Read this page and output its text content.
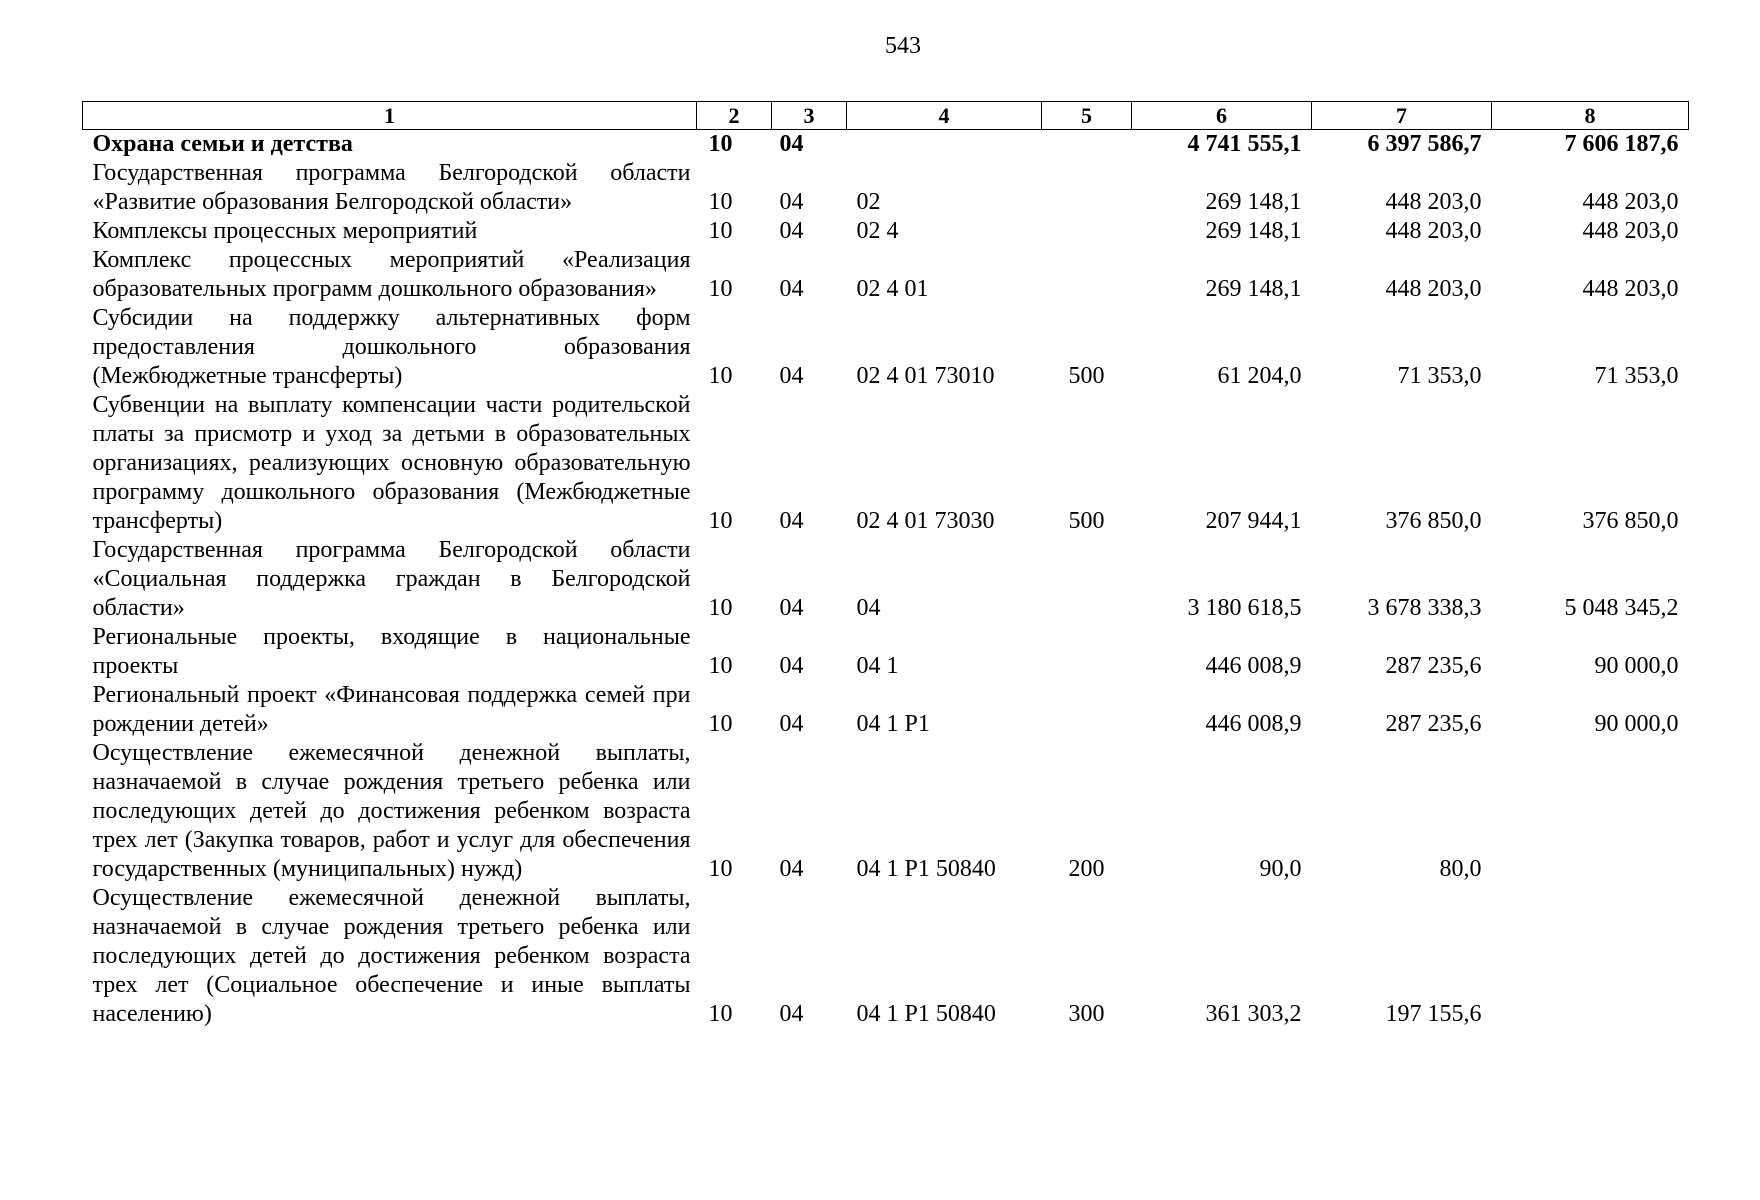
543
1	2	3	4	5	6	7	8
Охрана семьи и детства	10	04			4 741 555,1	6 397 586,7	7 606 187,6
Государственная программа Белгородской области «Развитие образования Белгородской области»	10	04	02		269 148,1	448 203,0	448 203,0
Комплексы процессных мероприятий	10	04	02 4		269 148,1	448 203,0	448 203,0
Комплекс процессных мероприятий «Реализация образовательных программ дошкольного образования»	10	04	02 4 01		269 148,1	448 203,0	448 203,0
Субсидии на поддержку альтернативных форм предоставления дошкольного образования (Межбюджетные трансферты)	10	04	02 4 01 73010	500	61 204,0	71 353,0	71 353,0
Субвенции на выплату компенсации части родительской платы за присмотр и уход за детьми в образовательных организациях, реализующих основную образовательную программу дошкольного образования (Межбюджетные трансферты)	10	04	02 4 01 73030	500	207 944,1	376 850,0	376 850,0
Государственная программа Белгородской области «Социальная поддержка граждан в Белгородской области»	10	04	04		3 180 618,5	3 678 338,3	5 048 345,2
Региональные проекты, входящие в национальные проекты	10	04	04 1		446 008,9	287 235,6	90 000,0
Региональный проект «Финансовая поддержка семей при рождении детей»	10	04	04 1 Р1		446 008,9	287 235,6	90 000,0
Осуществление ежемесячной денежной выплаты, назначаемой в случае рождения третьего ребенка или последующих детей до достижения ребенком возраста трех лет (Закупка товаров, работ и услуг для обеспечения государственных (муниципальных) нужд)	10	04	04 1 Р1 50840	200	90,0	80,0	
Осуществление ежемесячной денежной выплаты, назначаемой в случае рождения третьего ребенка или последующих детей до достижения ребенком возраста трех лет (Социальное обеспечение и иные выплаты населению)	10	04	04 1 Р1 50840	300	361 303,2	197 155,6	
